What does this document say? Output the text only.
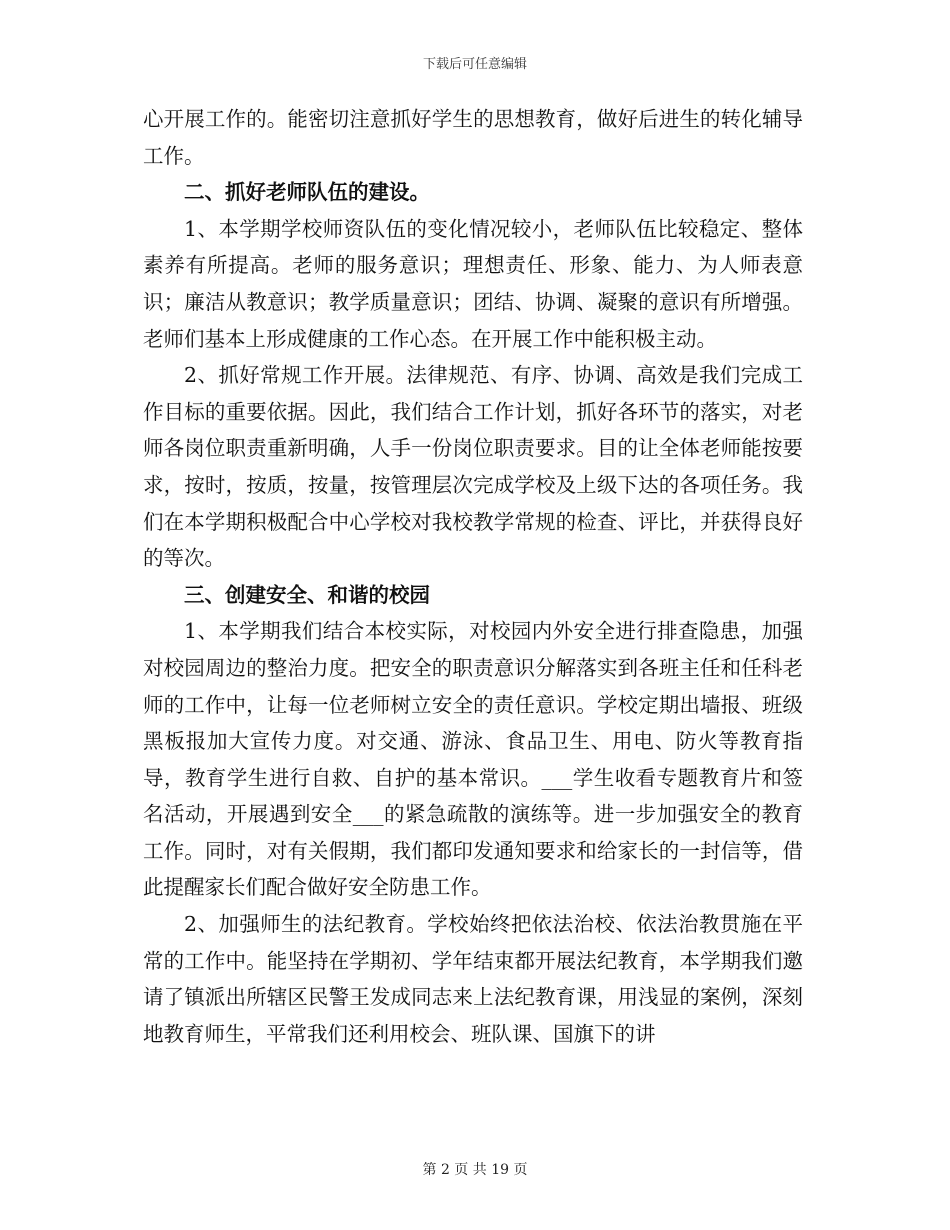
下载后可任意编辑

心开展工作的。能密切注意抓好学生的思想教育，做好后进生的转化辅导工作。

二、抓好老师队伍的建设。

1、本学期学校师资队伍的变化情况较小，老师队伍比较稳定、整体素养有所提高。老师的服务意识；理想责任、形象、能力、为人师表意识；廉洁从教意识；教学质量意识；团结、协调、凝聚的意识有所增强。老师们基本上形成健康的工作心态。在开展工作中能积极主动。

2、抓好常规工作开展。法律规范、有序、协调、高效是我们完成工作目标的重要依据。因此，我们结合工作计划，抓好各环节的落实，对老师各岗位职责重新明确，人手一份岗位职责要求。目的让全体老师能按要求，按时，按质，按量，按管理层次完成学校及上级下达的各项任务。我们在本学期积极配合中心学校对我校教学常规的检查、评比，并获得良好的等次。

三、创建安全、和谐的校园

1、本学期我们结合本校实际，对校园内外安全进行排查隐患，加强对校园周边的整治力度。把安全的职责意识分解落实到各班主任和任科老师的工作中，让每一位老师树立安全的责任意识。学校定期出墙报、班级黑板报加大宣传力度。对交通、游泳、食品卫生、用电、防火等教育指导，教育学生进行自救、自护的基本常识。___学生收看专题教育片和签名活动，开展遇到安全___的紧急疏散的演练等。进一步加强安全的教育工作。同时，对有关假期，我们都印发通知要求和给家长的一封信等，借此提醒家长们配合做好安全防患工作。

2、加强师生的法纪教育。学校始终把依法治校、依法治教贯施在平常的工作中。能坚持在学期初、学年结束都开展法纪教育，本学期我们邀请了镇派出所辖区民警王发成同志来上法纪教育课，用浅显的案例，深刻地教育师生，平常我们还利用校会、班队课、国旗下的讲

第 2 页 共 19 页
